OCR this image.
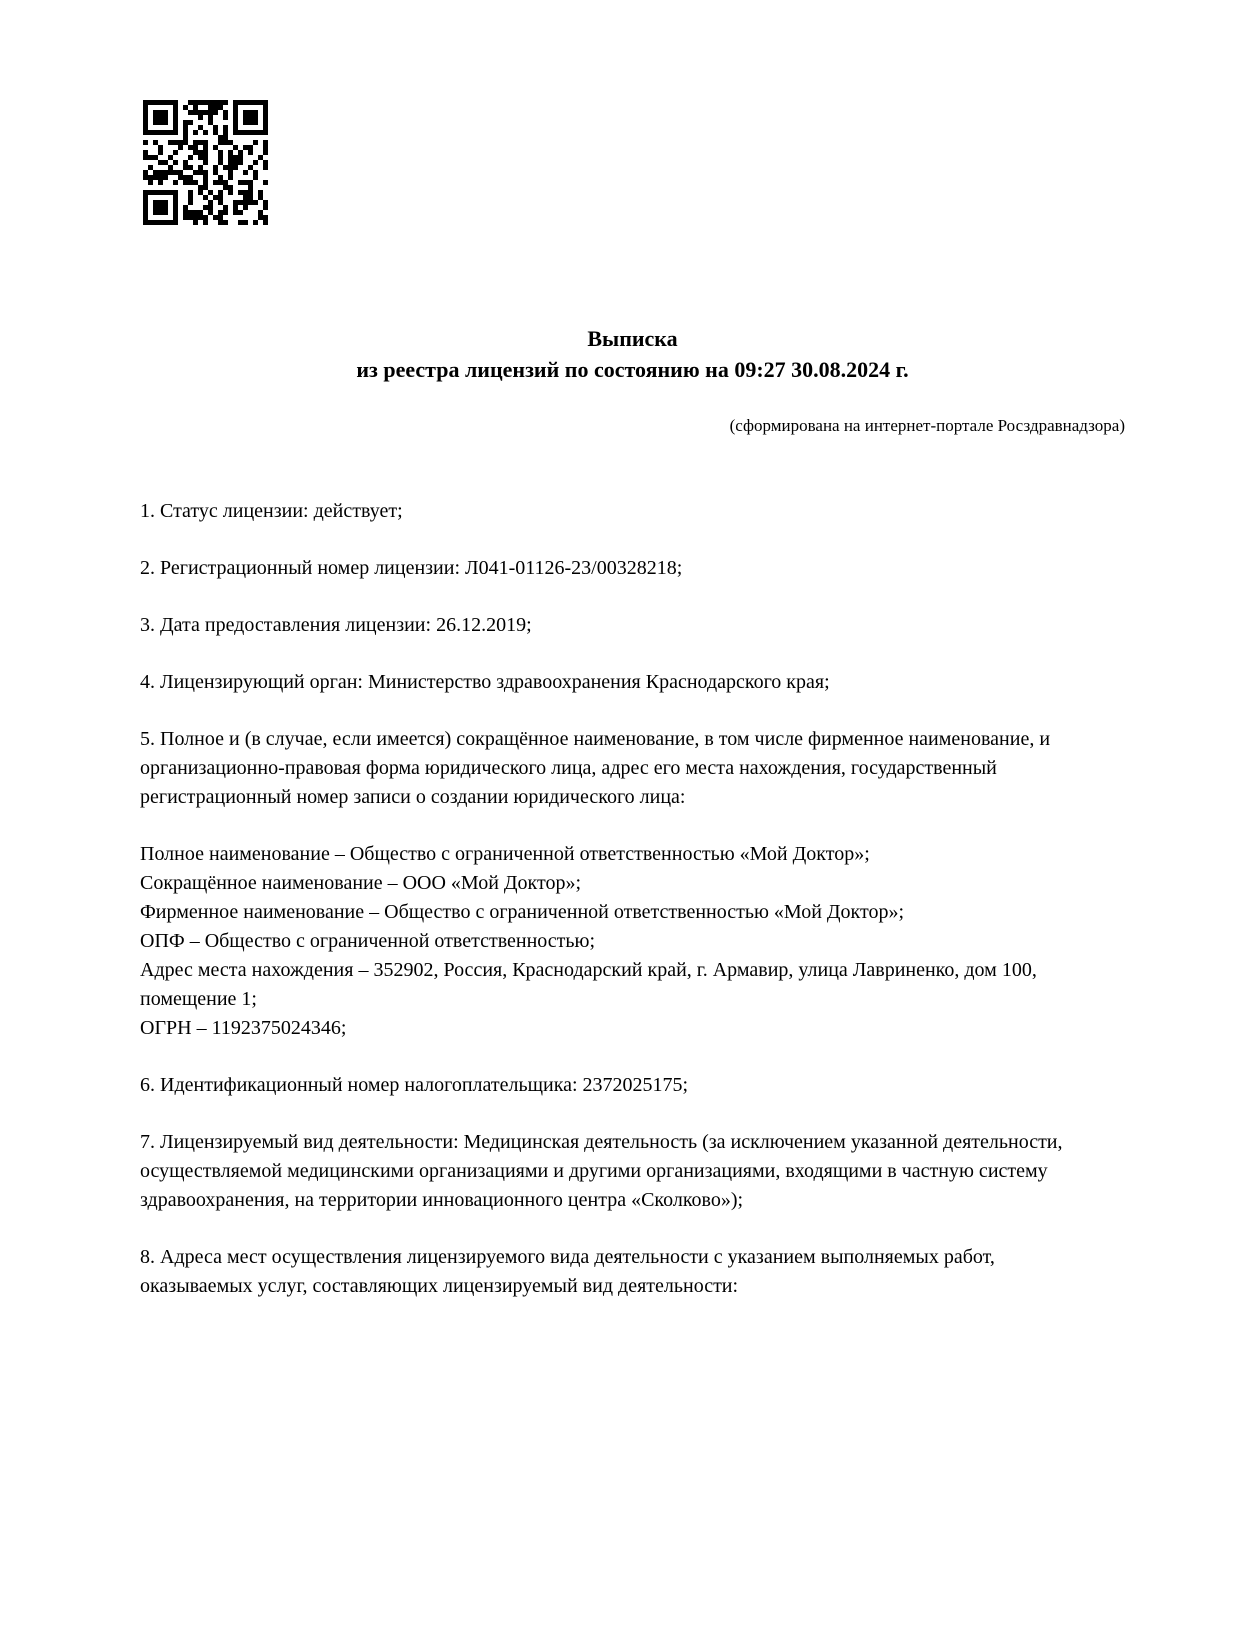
Выписка
из реестра лицензий по состоянию на 09:27 30.08.2024 г.
(сформирована на интернет-портале Росздравнадзора)

1. Статус лицензии: действует;

2. Регистрационный номер лицензии: Л041-01126-23/00328218;

3. Дата предоставления лицензии: 26.12.2019;

4. Лицензирующий орган: Министерство здравоохранения Краснодарского края;

5. Полное и (в случае, если имеется) сокращённое наименование, в том числе фирменное наименование, и организационно-правовая форма юридического лица, адрес его места нахождения, государственный регистрационный номер записи о создании юридического лица:

Полное наименование – Общество с ограниченной ответственностью «Мой Доктор»;
Сокращённое наименование – ООО «Мой Доктор»;
Фирменное наименование – Общество с ограниченной ответственностью «Мой Доктор»;
ОПФ – Общество с ограниченной ответственностью;
Адрес места нахождения – 352902, Россия, Краснодарский край, г. Армавир, улица Лавриненко, дом 100, помещение 1;
ОГРН – 1192375024346;

6. Идентификационный номер налогоплательщика: 2372025175;

7. Лицензируемый вид деятельности: Медицинская деятельность (за исключением указанной деятельности, осуществляемой медицинскими организациями и другими организациями, входящими в частную систему здравоохранения, на территории инновационного центра «Сколково»);

8. Адреса мест осуществления лицензируемого вида деятельности с указанием выполняемых работ, оказываемых услуг, составляющих лицензируемый вид деятельности:
